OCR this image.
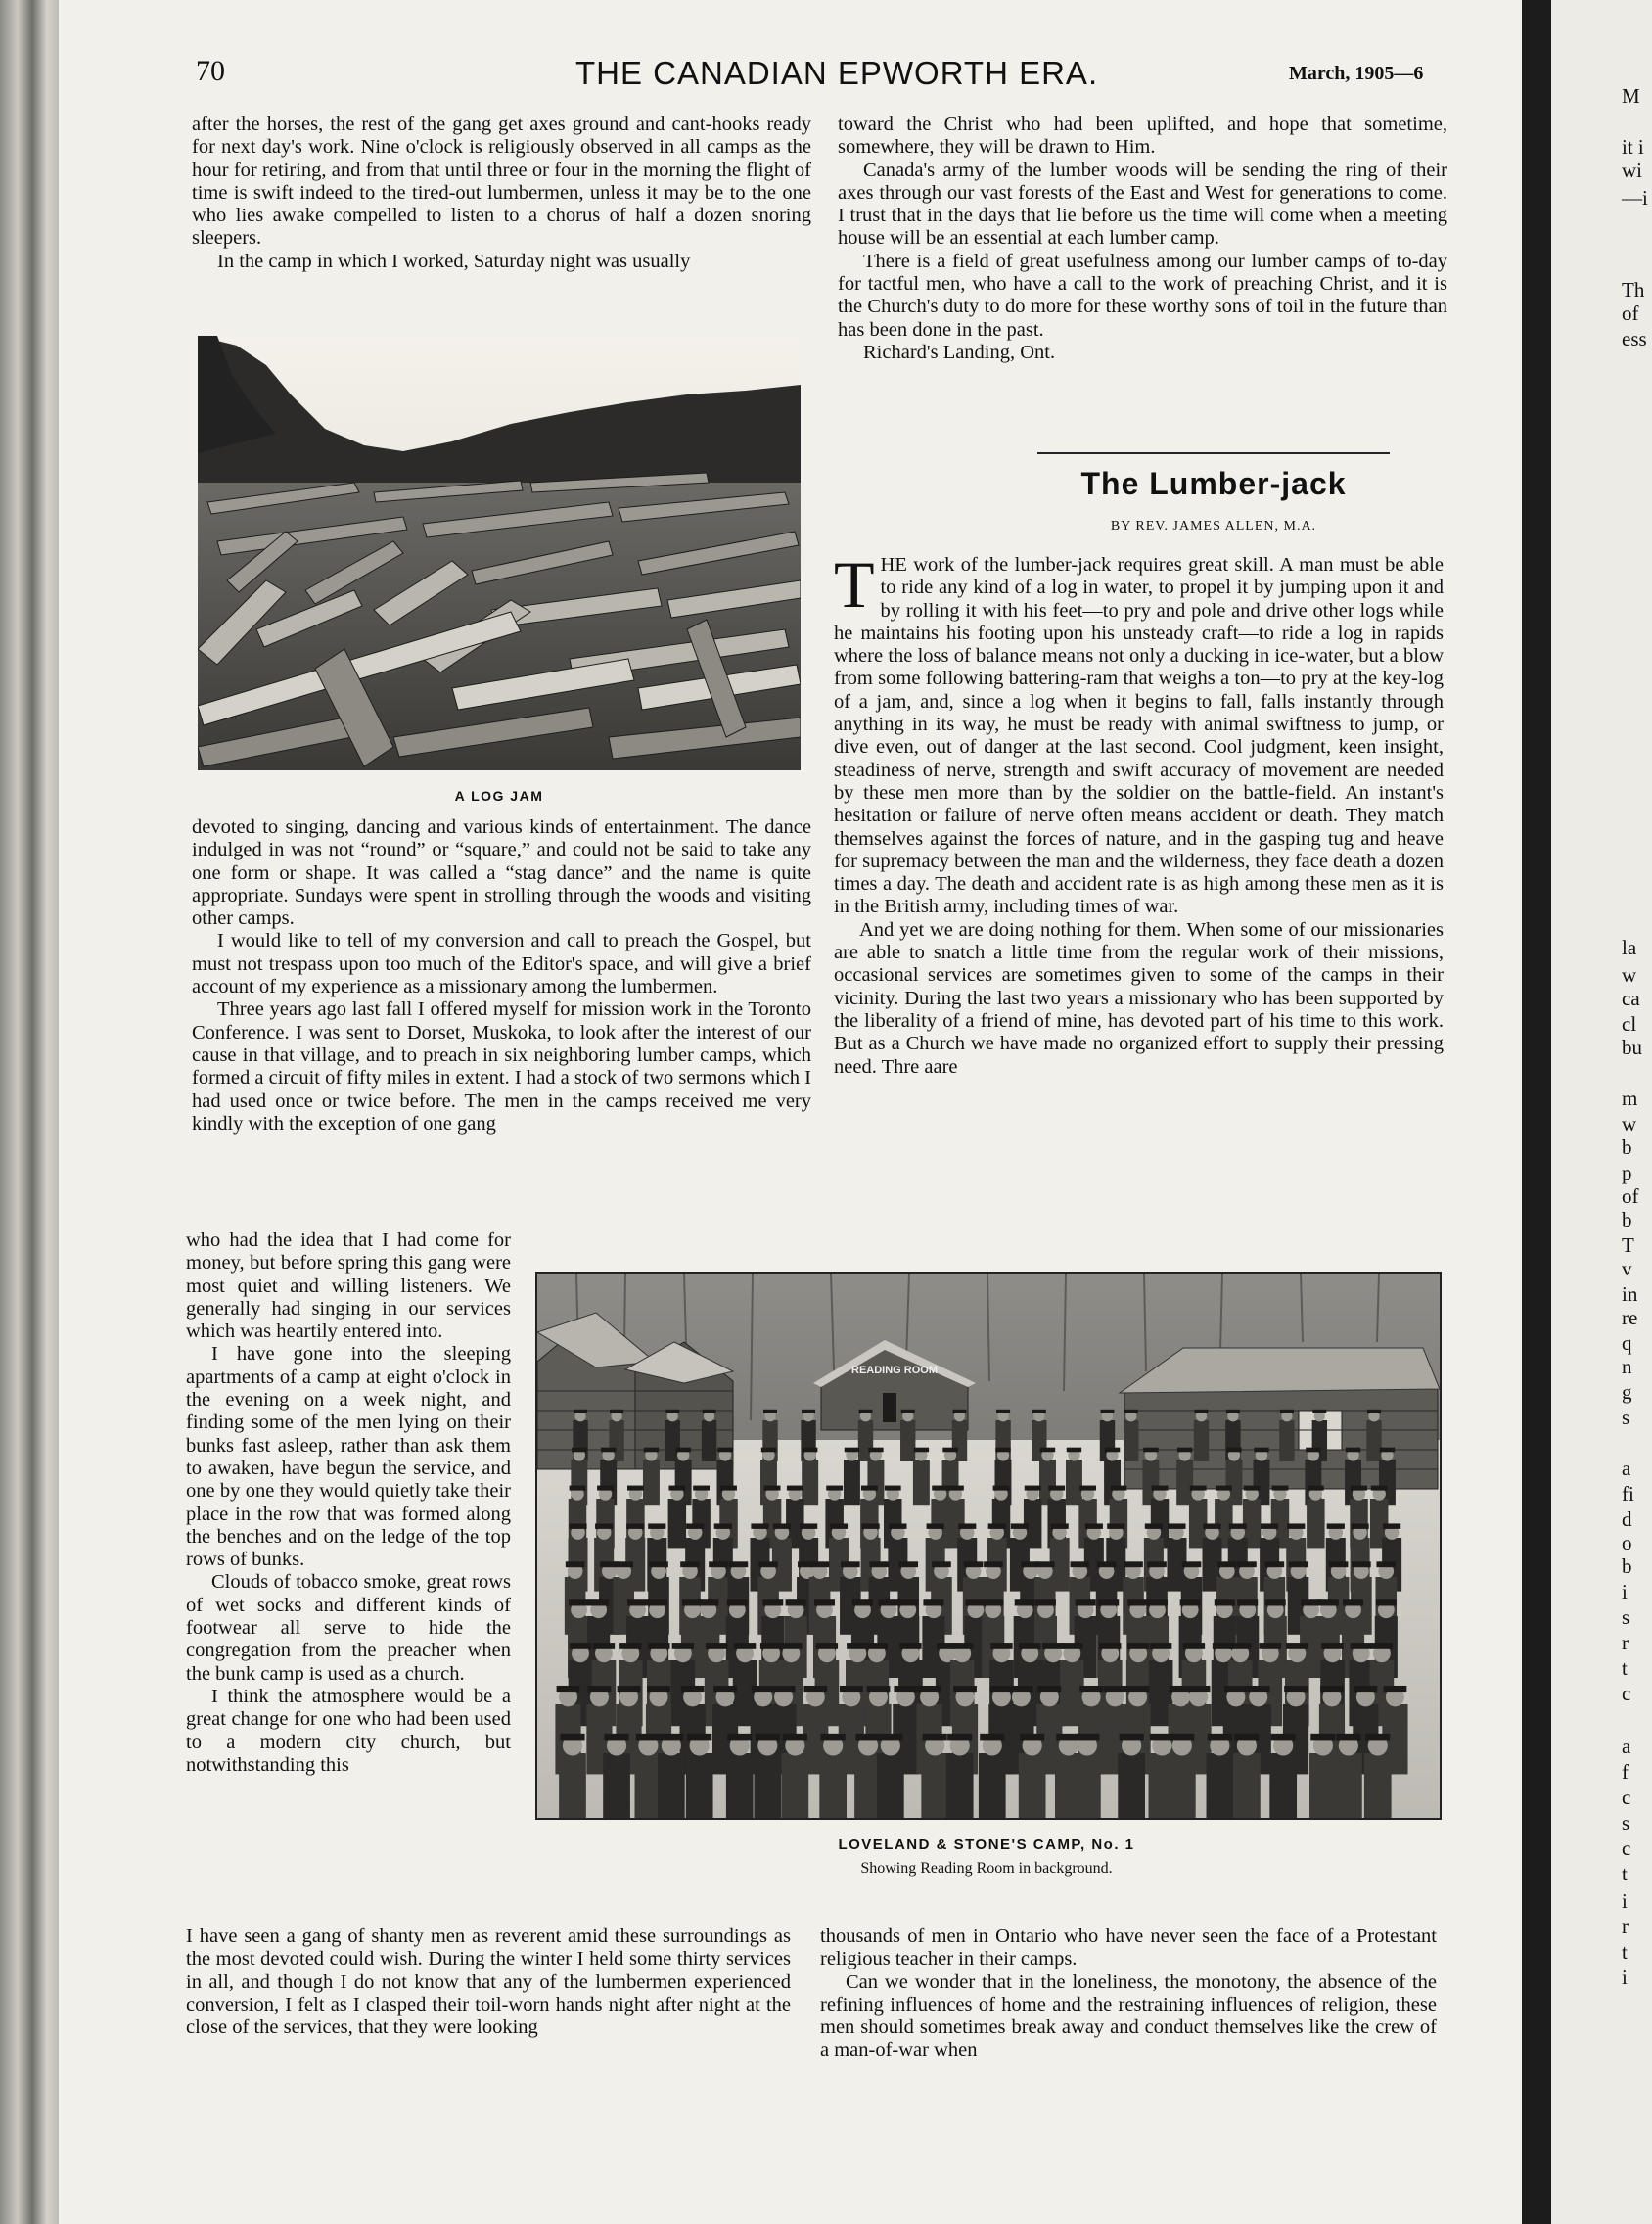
70	THE CANADIAN EPWORTH ERA.	March, 1905—6

after the horses, the rest of the gang get axes ground and cant-hooks ready for next day's work. Nine o'clock is religiously observed in all camps as the hour for retiring, and from that until three or four in the morning the flight of time is swift indeed to the tired-out lumbermen, unless it may be to the one who lies awake compelled to listen to a chorus of half a dozen snoring sleepers.

In the camp in which I worked, Saturday night was usually

A LOG JAM

devoted to singing, dancing and various kinds of entertainment. The dance indulged in was not “round” or “square,” and could not be said to take any one form or shape. It was called a “stag dance” and the name is quite appropriate. Sundays were spent in strolling through the woods and visiting other camps.

I would like to tell of my conversion and call to preach the Gospel, but must not trespass upon too much of the Editor's space, and will give a brief account of my experience as a missionary among the lumbermen.

Three years ago last fall I offered myself for mission work in the Toronto Conference. I was sent to Dorset, Muskoka, to look after the interest of our cause in that village, and to preach in six neighboring lumber camps, which formed a circuit of fifty miles in extent. I had a stock of two sermons which I had used once or twice before. The men in the camps received me very kindly with the exception of one gang

who had the idea that I had come for money, but before spring this gang were most quiet and willing listeners. We generally had singing in our services which was heartily entered into.

I have gone into the sleeping apartments of a camp at eight o'clock in the evening on a week night, and finding some of the men lying on their bunks fast asleep, rather than ask them to awaken, have begun the service, and one by one they would quietly take their place in the row that was formed along the benches and on the ledge of the top rows of bunks.

Clouds of tobacco smoke, great rows of wet socks and different kinds of footwear all serve to hide the congregation from the preacher when the bunk camp is used as a church.

I think the atmosphere would be a great change for one who had been used to a modern city church, but notwithstanding this

I have seen a gang of shanty men as reverent amid these surroundings as the most devoted could wish. During the winter I held some thirty services in all, and though I do not know that any of the lumbermen experienced conversion, I felt as I clasped their toil-worn hands night after night at the close of the services, that they were looking

toward the Christ who had been uplifted, and hope that sometime, somewhere, they will be drawn to Him.

Canada's army of the lumber woods will be sending the ring of their axes through our vast forests of the East and West for generations to come. I trust that in the days that lie before us the time will come when a meeting house will be an essential at each lumber camp.

There is a field of great usefulness among our lumber camps of to-day for tactful men, who have a call to the work of preaching Christ, and it is the Church's duty to do more for these worthy sons of toil in the future than has been done in the past.

Richard's Landing, Ont.

The Lumber-jack
BY REV. JAMES ALLEN, M.A.

THE work of the lumber-jack requires great skill. A man must be able to ride any kind of a log in water, to propel it by jumping upon it and by rolling it with his feet—to pry and pole and drive other logs while he maintains his footing upon his unsteady craft—to ride a log in rapids where the loss of balance means not only a ducking in ice-water, but a blow from some following battering-ram that weighs a ton—to pry at the key-log of a jam, and, since a log when it begins to fall, falls instantly through anything in its way, he must be ready with animal swiftness to jump, or dive even, out of danger at the last second. Cool judgment, keen insight, steadiness of nerve, strength and swift accuracy of movement are needed by these men more than by the soldier on the battle-field. An instant's hesitation or failure of nerve often means accident or death. They match themselves against the forces of nature, and in the gasping tug and heave for supremacy between the man and the wilderness, they face death a dozen times a day. The death and accident rate is as high among these men as it is in the British army, including times of war.

And yet we are doing nothing for them. When some of our missionaries are able to snatch a little time from the regular work of their missions, occasional services are sometimes given to some of the camps in their vicinity. During the last two years a missionary who has been supported by the liberality of a friend of mine, has devoted part of his time to this work. But as a Church we have made no organized effort to supply their pressing need. Thre aare

READING ROOM
LOVELAND & STONE'S CAMP, No. 1
Showing Reading Room in background.

thousands of men in Ontario who have never seen the face of a Protestant religious teacher in their camps.

Can we wonder that in the loneliness, the monotony, the absence of the refining influences of home and the restraining influences of religion, these men should sometimes break away and conduct themselves like the crew of a man-of-war when

M
it i
wi
—i
Th
of
ess
la
w
ca
cl
bu
m
w
b
p
of
b
T
v
in
re
q
n
g
s
a
fi
d
o
b
i
s
r
t
c
a
f
c
s
c
t
i
r
t
i
